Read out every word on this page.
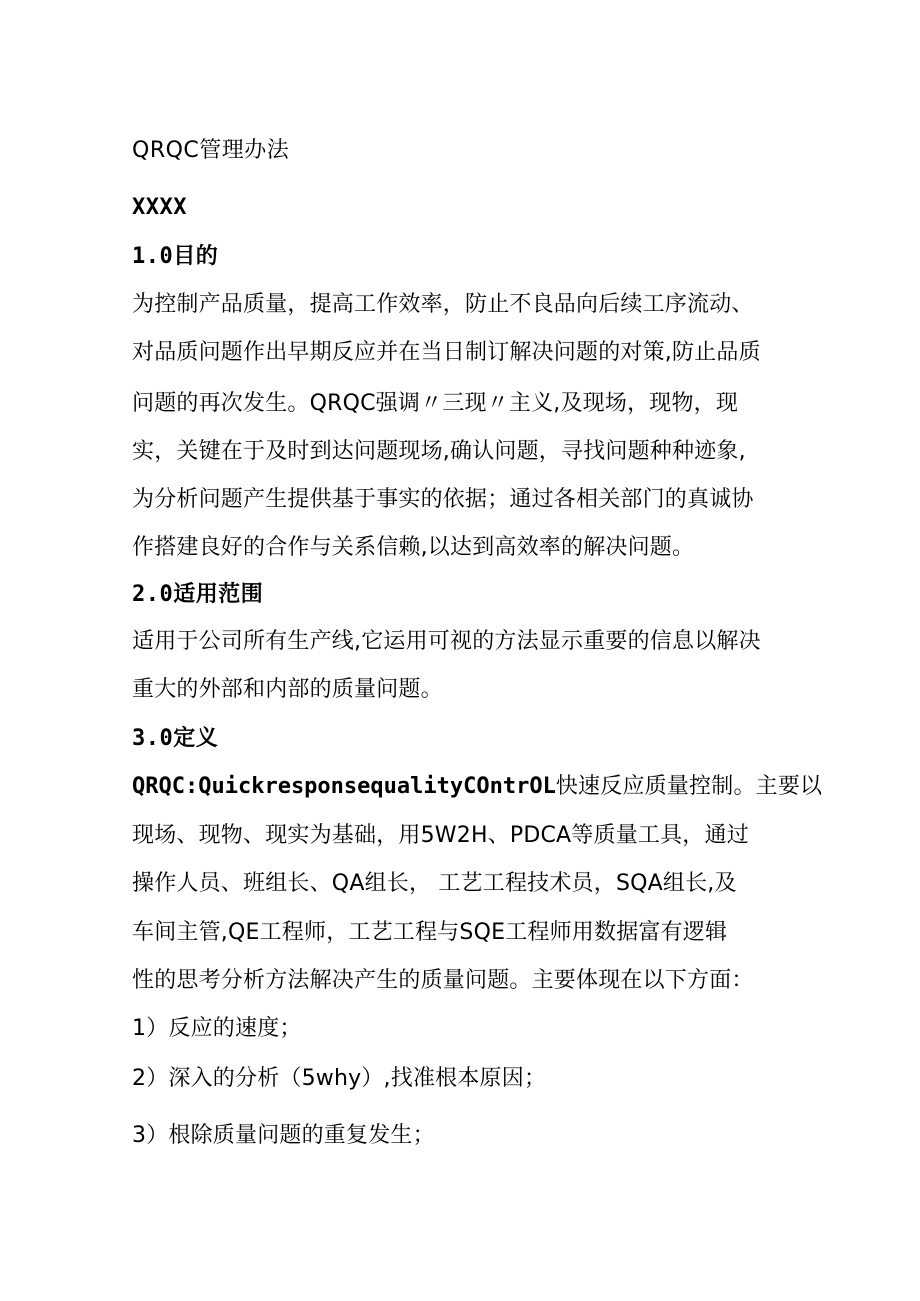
QRQC管理办法
XXXX
1.0目的
为控制产品质量，提高工作效率，防止不良品向后续工序流动、
对品质问题作出早期反应并在当日制订解决问题的对策,防止品质
问题的再次发生。QRQC强调〃三现〃主义,及现场，现物，现
实，关键在于及时到达问题现场,确认问题，寻找问题种种迹象,
为分析问题产生提供基于事实的依据；通过各相关部门的真诚协
作搭建良好的合作与关系信赖,以达到高效率的解决问题。
2.0适用范围
适用于公司所有生产线,它运用可视的方法显示重要的信息以解决
重大的外部和内部的质量问题。
3.0定义
QRQC:QuickresponsequalityCOntrOL快速反应质量控制。主要以
现场、现物、现实为基础，用5W2H、PDCA等质量工具，通过
操作人员、班组长、QA组长， 工艺工程技术员，SQA组长,及
车间主管,QE工程师，工艺工程与SQE工程师用数据富有逻辑
性的思考分析方法解决产生的质量问题。主要体现在以下方面：
1）反应的速度；
2）深入的分析（5why）,找准根本原因；
3）根除质量问题的重复发生；
